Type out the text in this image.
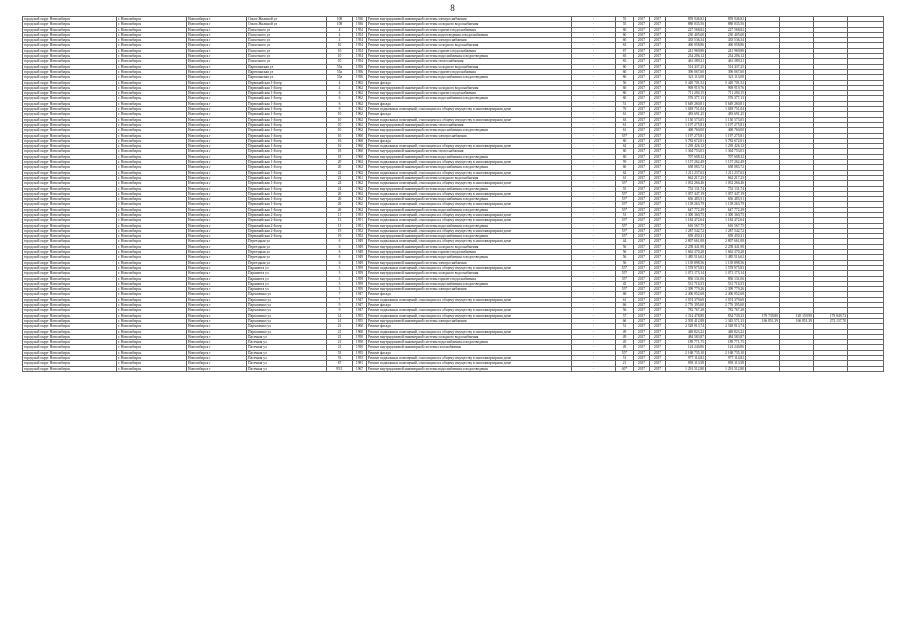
8
городской округ Новосибирск	г. Новосибирск	Новосибирск г	Ольги Жилиной ул	108	1936	Ремонт внутридомовой инженерной системы электроснабжения	-	55	2017	2017	859 946,82	859 946,82				
городской округ Новосибирск	г. Новосибирск	Новосибирск г	Ольги Жилиной ул	108	1936	Ремонт внутридомовой инженерной системы холодного водоснабжения	-	55	2017	2017	880 035,56	880 035,56				
городской округ Новосибирск	г. Новосибирск	Новосибирск г	Плахотного ул	4	1954	Ремонт внутридомовой инженерной системы горячего водоснабжения	-	60	2017	2017	227 568,82	227 568,82				
городской округ Новосибирск	г. Новосибирск	Новосибирск г	Плахотного ул	4	1954	Ремонт внутридомовой инженерной системы водоотведения и водоснабжения	-	60	2017	2017	230 405,60	230 405,60				
городской округ Новосибирск	г. Новосибирск	Новосибирск г	Плахотного ул	4	1954	Ремонт внутридомовой инженерной системы электроснабжения	-	60	2017	2017	435 536,34	435 536,34				
городской округ Новосибирск	г. Новосибирск	Новосибирск г	Плахотного ул	10	1954	Ремонт внутридомовой инженерной системы холодного водоснабжения	-	63	2017	2017	406 058,86	406 058,86				
городской округ Новосибирск	г. Новосибирск	Новосибирск г	Плахотного ул	10	1954	Ремонт внутридомовой инженерной системы горячего водоснабжения	-	67	2017	2017	241 969,80	241 969,80				
городской округ Новосибирск	г. Новосибирск	Новосибирск г	Плахотного ул	10	1954	Ремонт внутридомовой инженерной системы водоснабжения и водоотведения	-	65	2017	2017	234 206,12	234 206,12				
городской округ Новосибирск	г. Новосибирск	Новосибирск г	Плахотного ул	10	1954	Ремонт внутридомовой инженерной системы теплоснабжения	-	65	2017	2017	461 389,21	461 389,21				
городской округ Новосибирск	г. Новосибирск	Новосибирск г	Партизанская ул	55а	1956	Ремонт внутридомовой инженерной системы холодного водоснабжения	-	60	2017	2017	514 437,25	514 437,25				
городской округ Новосибирск	г. Новосибирск	Новосибирск г	Партизанская ул	55а	1956	Ремонт внутридомовой инженерной системы горячего водоснабжения	-	60	2017	2017	396 067,60	396 067,60				
городской округ Новосибирск	г. Новосибирск	Новосибирск г	Партизанская ул	55а	1956	Ремонт внутридомовой инженерной системы водоснабжения и водоотведения	-	60	2017	2017	321 113,08	321 113,08				
городской округ Новосибирск	г. Новосибирск	Новосибирск г	Первомайская 1-й пер	4	1962	Ремонт фасада	-	56	2017	2017	5 420 701,52	5 420 701,52				
городской округ Новосибирск	г. Новосибирск	Новосибирск г	Первомайская 1-й пер	4	1962	Ремонт внутридомовой инженерной системы холодного водоснабжения	-	60	2017	2017	969 919,76	969 919,76				
городской округ Новосибирск	г. Новосибирск	Новосибирск г	Первомайская 1-й пер	6	1962	Ремонт внутридомовой инженерной системы горячего водоснабжения	-	60	2017	2017	711 294,15	711 294,15				
городской округ Новосибирск	г. Новосибирск	Новосибирск г	Первомайская 1-й пер	6	1962	Ремонт внутридомовой инженерной системы водоснабжения и водоотведения	-	60	2017	2017	576 377,13	576 377,13				
городской округ Новосибирск	г. Новосибирск	Новосибирск г	Первомайская 1-й пер	6	1962	Ремонт фасада	-	51	2017	2017	5 649 260,81	5 649 260,81				
городской округ Новосибирск	г. Новосибирск	Новосибирск г	Первомайская 1-й пер	6	1962	Ремонт подвальных помещений, относящихся к общему имуществу в многоквартирном доме	-	76	2017	2017	1 049 751,04	1 049 751,04				
городской округ Новосибирск	г. Новосибирск	Новосибирск г	Первомайская 1-й пер	10	1962	Ремонт фасада	-	61	2017	2017	483 691,25	483 691,25				
городской округ Новосибирск	г. Новосибирск	Новосибирск г	Первомайская 1-й пер	10	1962	Ремонт подвальных помещений, относящихся к общему имуществу в многоквартирном доме	-	63	2017	2017	1 130 573,05	1 130 573,05				
городской округ Новосибирск	г. Новосибирск	Новосибирск г	Первомайская 1-й пер	10	1962	Ремонт внутридомовой инженерной системы теплоснабжения	-	61	2017	2017	1 197 275,81	1 197 275,81				
городской округ Новосибирск	г. Новосибирск	Новосибирск г	Первомайская 1-й пер	10	1962	Ремонт внутридомовой инженерной системы водоснабжения и водоотведения	-	61	2017	2017	468 760,00	468 760,00				
городской округ Новосибирск	г. Новосибирск	Новосибирск г	Первомайская 1-й пер	16	1960	Ремонт внутридомовой инженерной системы электроснабжения	-	55*	2017	2017	1 197 275,81	1 197 275,81				
городской округ Новосибирск	г. Новосибирск	Новосибирск г	Первомайская 1-й пер	16	1960	Ремонт фасада	-	60	2017	2017	3 782 672,01	3 782 672,01				
городской округ Новосибирск	г. Новосибирск	Новосибирск г	Первомайская 1-й пер	16	1960	Ремонт подвальных помещений, относящихся к общему имуществу в многоквартирном доме	-	62	2017	2017	1 239 426,12	1 239 426,12				
городской округ Новосибирск	г. Новосибирск	Новосибирск г	Первомайская 1-й пер	18	1960	Ремонт внутридомовой инженерной системы теплоснабжения	-	60	2017	2017	1 364 753,01	1 364 753,01				
городской округ Новосибирск	г. Новосибирск	Новосибирск г	Первомайская 1-й пер	18	1960	Ремонт внутридомовой инженерной системы водоснабжения и водоотведения	-	60	2017	2017	707 608,32	707 608,32				
городской округ Новосибирск	г. Новосибирск	Новосибирск г	Первомайская 1-й пер	20	1962	Ремонт подвальных помещений, относящихся к общему имуществу в многоквартирном доме	-	59	2017	2017	1 157 262,49	1 157 262,49				
городской округ Новосибирск	г. Новосибирск	Новосибирск г	Первомайская 1-й пер	20	1962	Ремонт внутридомовой инженерной системы водоснабжения и водоотведения	-	60	2017	2017	658 083,72	658 083,72				
городской округ Новосибирск	г. Новосибирск	Новосибирск г	Первомайская 1-й пер	22	1962	Ремонт подвальных помещений, относящихся к общему имуществу в многоквартирном доме	-	62	2017	2017	1 211 237,62	1 211 237,62				
городской округ Новосибирск	г. Новосибирск	Новосибирск г	Первомайская 1-й пер	22	1961	Ремонт внутридомовой инженерной системы холодного водоснабжения	-	61	2017	2017	662 217,23	662 217,23				
городской округ Новосибирск	г. Новосибирск	Новосибирск г	Первомайская 1-й пер	24	1962	Ремонт подвальных помещений, относящихся к общему имуществу в многоквартирном доме	-	55*	2017	2017	1 052 266,46	1 052 266,46				
городской округ Новосибирск	г. Новосибирск	Новосибирск г	Первомайская 1-й пер	24	1962	Ремонт внутридомовой инженерной системы водоснабжения и водоотведения	-	55	2017	2017	752 131,74	752 131,74				
городской округ Новосибирск	г. Новосибирск	Новосибирск г	Первомайская 1-й пер	26	1962	Ремонт подвальных помещений, относящихся к общему имуществу в многоквартирном доме	-	55*	2017	2017	1 057 447,19	1 057 447,19				
городской округ Новосибирск	г. Новосибирск	Новосибирск г	Первомайская 1-й пер	26	1962	Ремонт внутридомовой инженерной системы водоснабжения и водоотведения	-	55*	2017	2017	656 485,51	656 485,51				
городской округ Новосибирск	г. Новосибирск	Новосибирск г	Первомайская 1-й пер	26	1962	Ремонт подвальных помещений, относящихся к общему имуществу в многоквартирном доме	-	55*	2017	2017	1 139 263,79	1 139 263,79				
городской округ Новосибирск	г. Новосибирск	Новосибирск г	Первомайская 1-й пер	26	1962	Ремонт внутридомовой инженерной системы водоснабжения и водоотведения	-	55*	2017	2017	647 772,29	647 772,29				
городской округ Новосибирск	г. Новосибирск	Новосибирск г	Первомайская 2-й пер	11	1953	Ремонт подвальных помещений, относящихся к общему имуществу в многоквартирном доме	-	51	2017	2017	1 300 360,75	1 300 360,75				
городской округ Новосибирск	г. Новосибирск	Новосибирск г	Первомайская 2-й пер	13	1951	Ремонт подвальных помещений, относящихся к общему имуществу в многоквартирном доме	-	55*	2017	2017	1 184 472,64	1 184 472,64				
городской округ Новосибирск	г. Новосибирск	Новосибирск г	Первомайская 2-й пер	13	1951	Ремонт внутридомовой инженерной системы водоснабжения и водоотведения	-	55*	2017	2017	610 567,75	610 567,75				
городской округ Новосибирск	г. Новосибирск	Новосибирск г	Первомайская 2-й пер	19	1952	Ремонт подвальных помещений, относящихся к общему имуществу в многоквартирном доме	-	55*	2017	2017	1 287 542,72	1 287 542,72				
городской округ Новосибирск	г. Новосибирск	Новосибирск г	Первомайская 2-й пер	19	1952	Ремонт внутридомовой инженерной системы водоснабжения и водоотведения	-	55*	2017	2017	659 450,31	659 450,31				
городской округ Новосибирск	г. Новосибирск	Новосибирск г	Переездная ул	6	1949	Ремонт подвальных помещений, относящихся к общему имуществу в многоквартирном доме	-	44	2017	2017	2 807 661,08	2 807 661,08				
городской округ Новосибирск	г. Новосибирск	Новосибирск г	Переездная ул	6	1949	Ремонт внутридомовой инженерной системы холодного водоснабжения	-	56	2017	2017	2 258 441,98	2 258 441,98				
городской округ Новосибирск	г. Новосибирск	Новосибирск г	Переездная ул	6	1949	Ремонт внутридомовой инженерной системы горячего водоснабжения	-	56	2017	2017	1 662 370,28	1 662 370,28				
городской округ Новосибирск	г. Новосибирск	Новосибирск г	Переездная ул	6	1949	Ремонт внутридомовой инженерной системы водоснабжения и водоотведения	-	56	2017	2017	1 485 516,62	1 485 516,62				
городской округ Новосибирск	г. Новосибирск	Новосибирск г	Переездная ул	6	1949	Ремонт внутридомовой инженерной системы электроснабжения	-	56	2017	2017	1 139 898,56	1 139 898,56				
городской округ Новосибирск	г. Новосибирск	Новосибирск г	Парашюта ул	3	1959	Ремонт подвальных помещений, относящихся к общему имуществу в многоквартирном доме	-	55*	2017	2017	1 578 975,83	1 578 975,83				
городской округ Новосибирск	г. Новосибирск	Новосибирск г	Парашюта ул	3	1959	Ремонт внутридомовой инженерной системы холодного водоснабжения	-	55*	2017	2017	1 071 173,14	1 071 173,14				
городской округ Новосибирск	г. Новосибирск	Новосибирск г	Парашюта ул	3	1959	Ремонт внутридомовой инженерной системы горячего водоснабжения	-	55*	2017	2017	856 131,06	856 131,06				
городской округ Новосибирск	г. Новосибирск	Новосибирск г	Парашюта ул	3	1959	Ремонт внутридомовой инженерной системы водоснабжения и водоотведения	-	45	2017	2017	531 716,53	531 716,53				
городской округ Новосибирск	г. Новосибирск	Новосибирск г	Парашюта ул	3	1959	Ремонт внутридомовой инженерной системы электроснабжения	-	55*	2017	2017	1 399 779,26	1 399 779,26				
городской округ Новосибирск	г. Новосибирск	Новосибирск г	Пархоменко ул	7	1947	Ремонт фасада	-	68	2017	2017	2 406 952,68	2 406 952,68				
городской округ Новосибирск	г. Новосибирск	Новосибирск г	Пархоменко ул	7	1947	Ремонт подвальных помещений, относящихся к общему имуществу в многоквартирном доме	-	61	2017	2017	1 074 379,60	1 074 379,60				
городской округ Новосибирск	г. Новосибирск	Новосибирск г	Пархоменко ул	9	1947	Ремонт фасада	-	66	2017	2017	2 776 395,60	2 776 395,60				
городской округ Новосибирск	г. Новосибирск	Новосибирск г	Пархоменко ул	9	1947	Ремонт подвальных помещений, относящихся к общему имуществу в многоквартирном доме	-	56	2017	2017	782 767,28	782 767,28				
городской округ Новосибирск	г. Новосибирск	Новосибирск г	Пархоменко ул	14	1955	Ремонт подвальных помещений, относящихся к общему имуществу в многоквартирном доме	-	57	2017	2017	1 314 478,80	834 739,23	179 739,80	120 159,90	179 849,73	
городской округ Новосибирск	г. Новосибирск	Новосибирск г	Пархоменко ул	14	1955	Ремонт внутридомовой инженерной системы электроснабжения	-	66	2017	2017	2 505 412,88	1 345 571,33	166 851,39	166 851,39	272 137,70	
городской округ Новосибирск	г. Новосибирск	Новосибирск г	Пархоменко ул	21	1960	Ремонт фасада	-	51	2017	2017	2 528 913,74	2 528 913,74				
городской округ Новосибирск	г. Новосибирск	Новосибирск г	Пархоменко ул	21	1960	Ремонт подвальных помещений, относящихся к общему имуществу в многоквартирном доме	-	49	2017	2017	440 823,22	440 823,22				
городской округ Новосибирск	г. Новосибирск	Новосибирск г	Пасечная ул	21	1950	Ремонт внутридомовой инженерной системы холодного водоснабжения	-	49	2017	2017	484 583,87	484 583,87				
городской округ Новосибирск	г. Новосибирск	Новосибирск г	Пасечная ул	21	1950	Ремонт внутридомовой инженерной системы водоснабжения и водоотведения	-	45	2017	2017	189 771,75	189 771,75				
городской округ Новосибирск	г. Новосибирск	Новосибирск г	Пасечная ул	21	1950	Ремонт внутридомовой инженерной системы газоснабжения	-	49	2017	2017	124 240,86	124 240,86				
городской округ Новосибирск	г. Новосибирск	Новосибирск г	Пасечная ул	53	1955	Ремонт фасада	-	55*	2017	2017	2 168 735,10	2 168 735,10				
городской округ Новосибирск	г. Новосибирск	Новосибирск г	Пасечная ул	53	1955	Ремонт подвальных помещений, относящихся к общему имуществу в многоквартирном доме	-	51	2017	2017	977 114,82	977 114,82				
городской округ Новосибирск	г. Новосибирск	Новосибирск г	Пасечная ул	67	1981	Ремонт подвальных помещений, относящихся к общему имуществу в многоквартирном доме	-	21	2017	2017	893 113,58	893 113,58				
городской округ Новосибирск	г. Новосибирск	Новосибирск г	Пасечная ул	95/1	1967	Ремонт внутридомовой инженерной системы водоснабжения и водоотведения	-	40*	2017	2017	1 291 512,80	1 291 512,80				
